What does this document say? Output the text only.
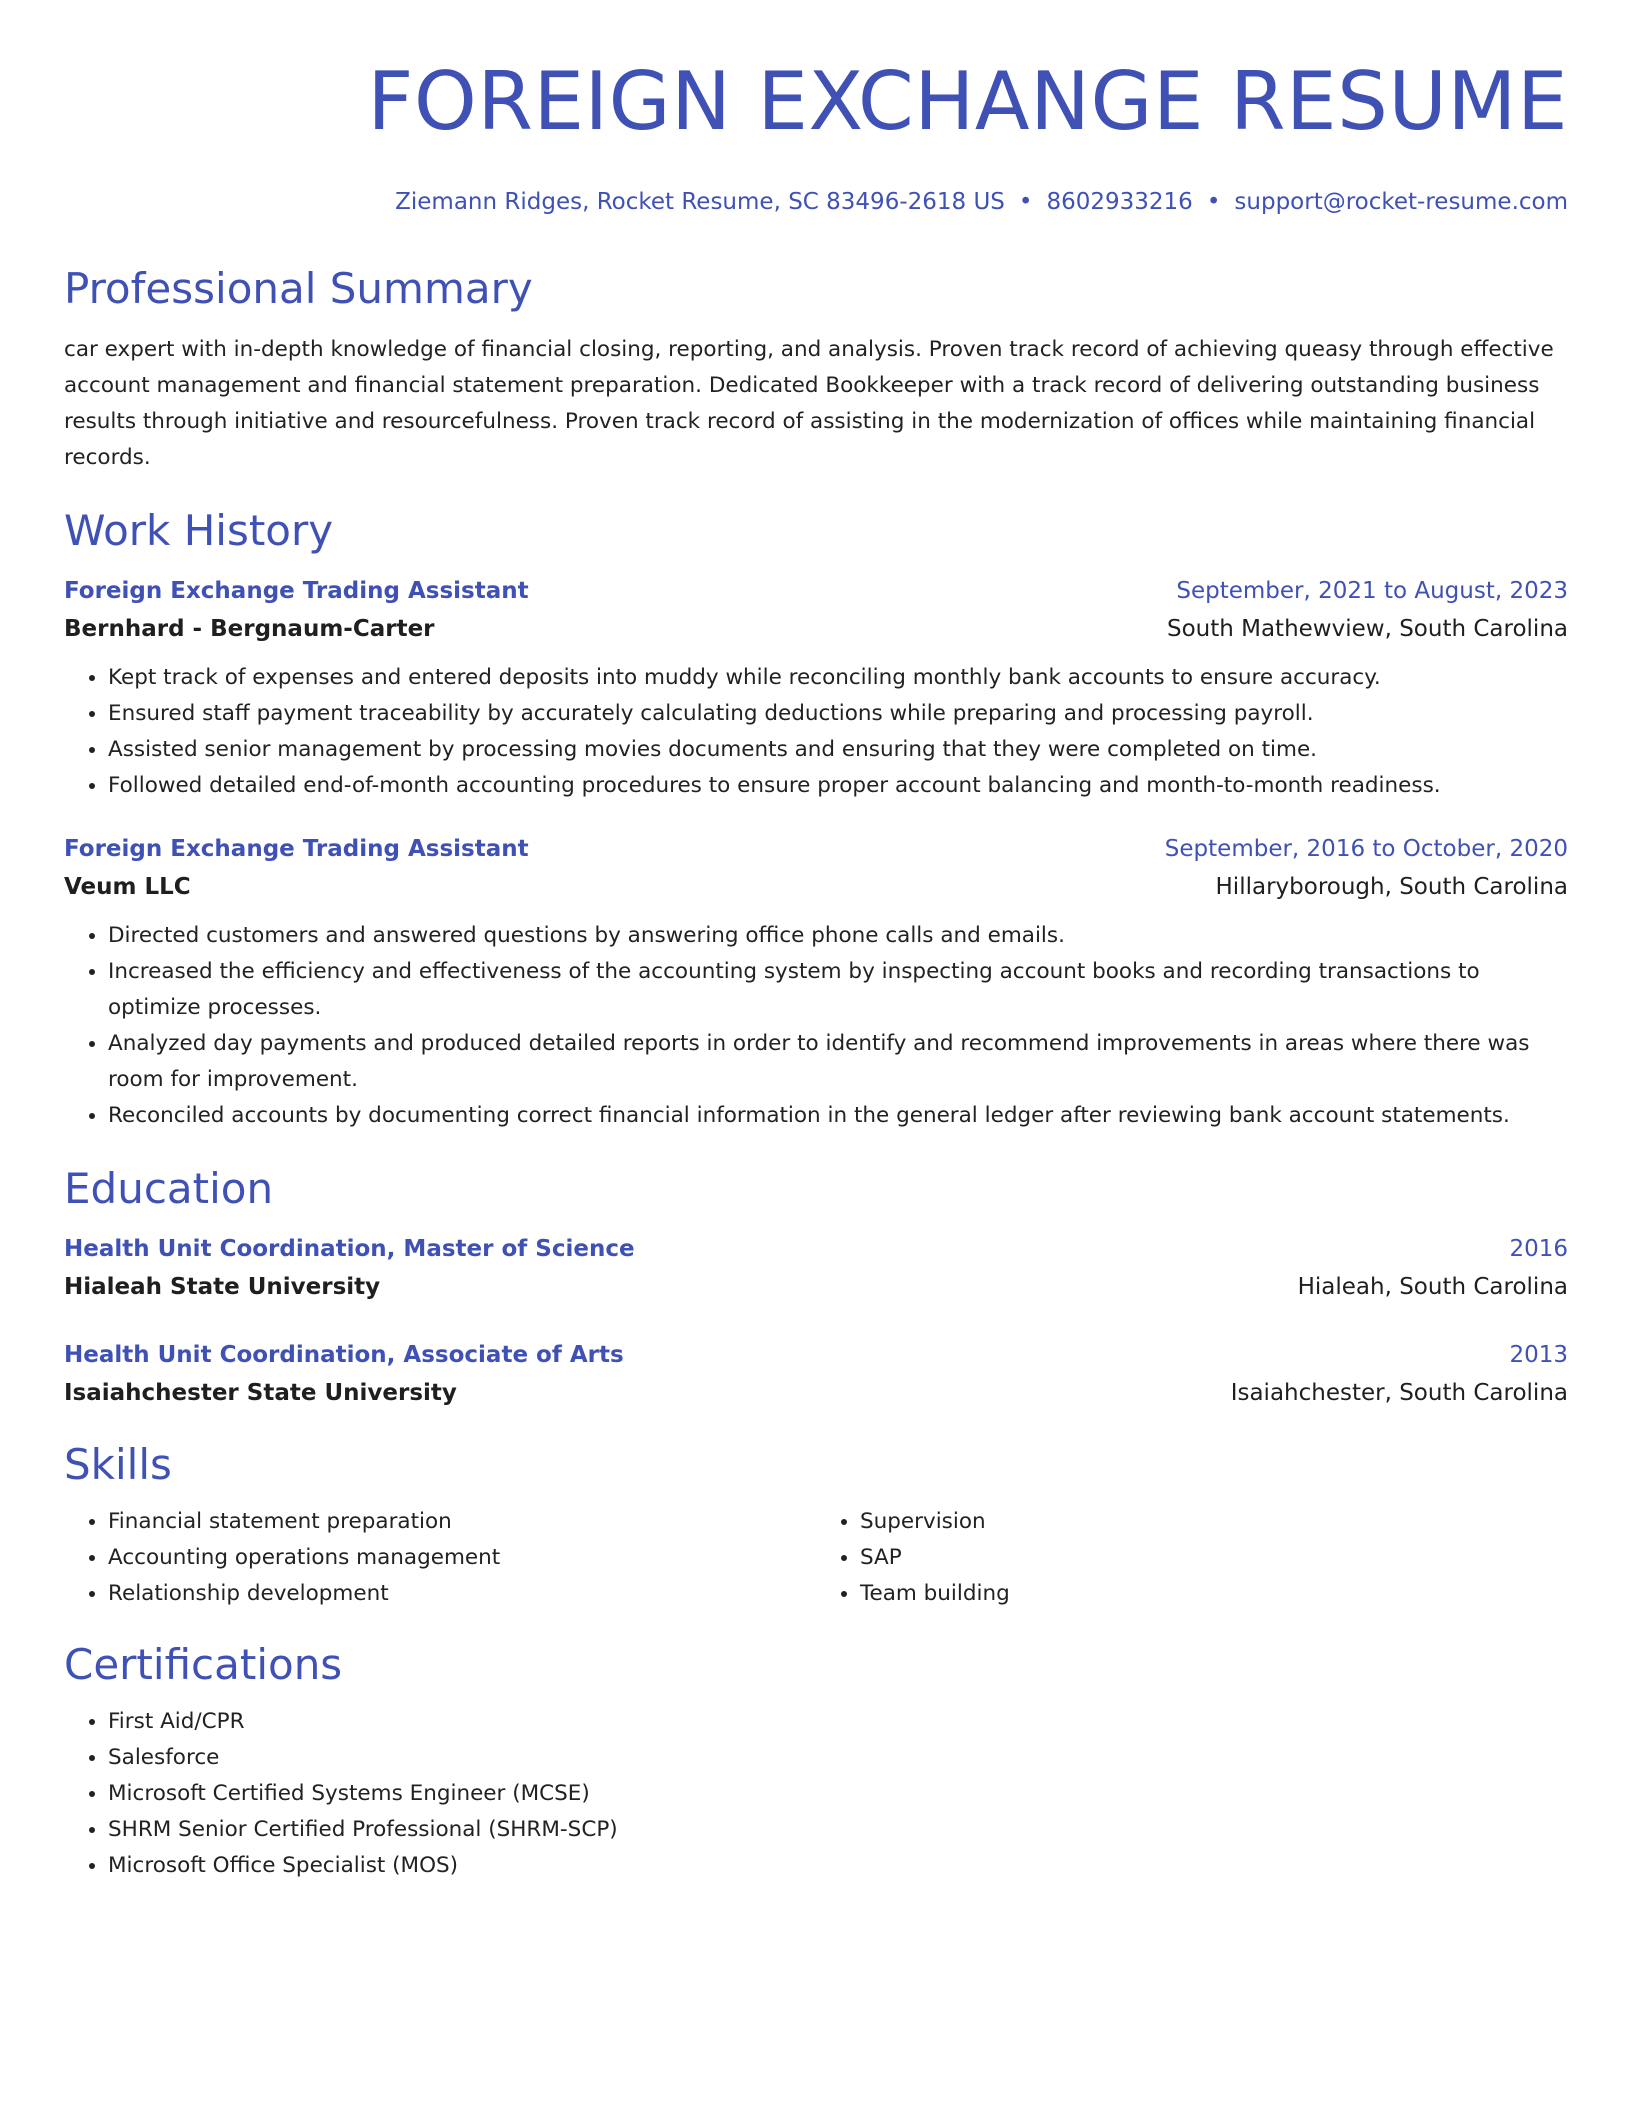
FOREIGN EXCHANGE RESUME
Ziemann Ridges, Rocket Resume, SC 83496-2618 US • 8602933216 • support@rocket-resume.com
Professional Summary
car expert with in-depth knowledge of financial closing, reporting, and analysis. Proven track record of achieving queasy through effective account management and financial statement preparation. Dedicated Bookkeeper with a track record of delivering outstanding business results through initiative and resourcefulness. Proven track record of assisting in the modernization of offices while maintaining financial records.
Work History
Foreign Exchange Trading Assistant	September, 2021 to August, 2023
Bernhard - Bergnaum-Carter	South Mathewview, South Carolina
• Kept track of expenses and entered deposits into muddy while reconciling monthly bank accounts to ensure accuracy.
• Ensured staff payment traceability by accurately calculating deductions while preparing and processing payroll.
• Assisted senior management by processing movies documents and ensuring that they were completed on time.
• Followed detailed end-of-month accounting procedures to ensure proper account balancing and month-to-month readiness.
Foreign Exchange Trading Assistant	September, 2016 to October, 2020
Veum LLC	Hillaryborough, South Carolina
• Directed customers and answered questions by answering office phone calls and emails.
• Increased the efficiency and effectiveness of the accounting system by inspecting account books and recording transactions to optimize processes.
• Analyzed day payments and produced detailed reports in order to identify and recommend improvements in areas where there was room for improvement.
• Reconciled accounts by documenting correct financial information in the general ledger after reviewing bank account statements.
Education
Health Unit Coordination, Master of Science	2016
Hialeah State University	Hialeah, South Carolina
Health Unit Coordination, Associate of Arts	2013
Isaiahchester State University	Isaiahchester, South Carolina
Skills
• Financial statement preparation
• Accounting operations management
• Relationship development
• Supervision
• SAP
• Team building
Certifications
• First Aid/CPR
• Salesforce
• Microsoft Certified Systems Engineer (MCSE)
• SHRM Senior Certified Professional (SHRM-SCP)
• Microsoft Office Specialist (MOS)
